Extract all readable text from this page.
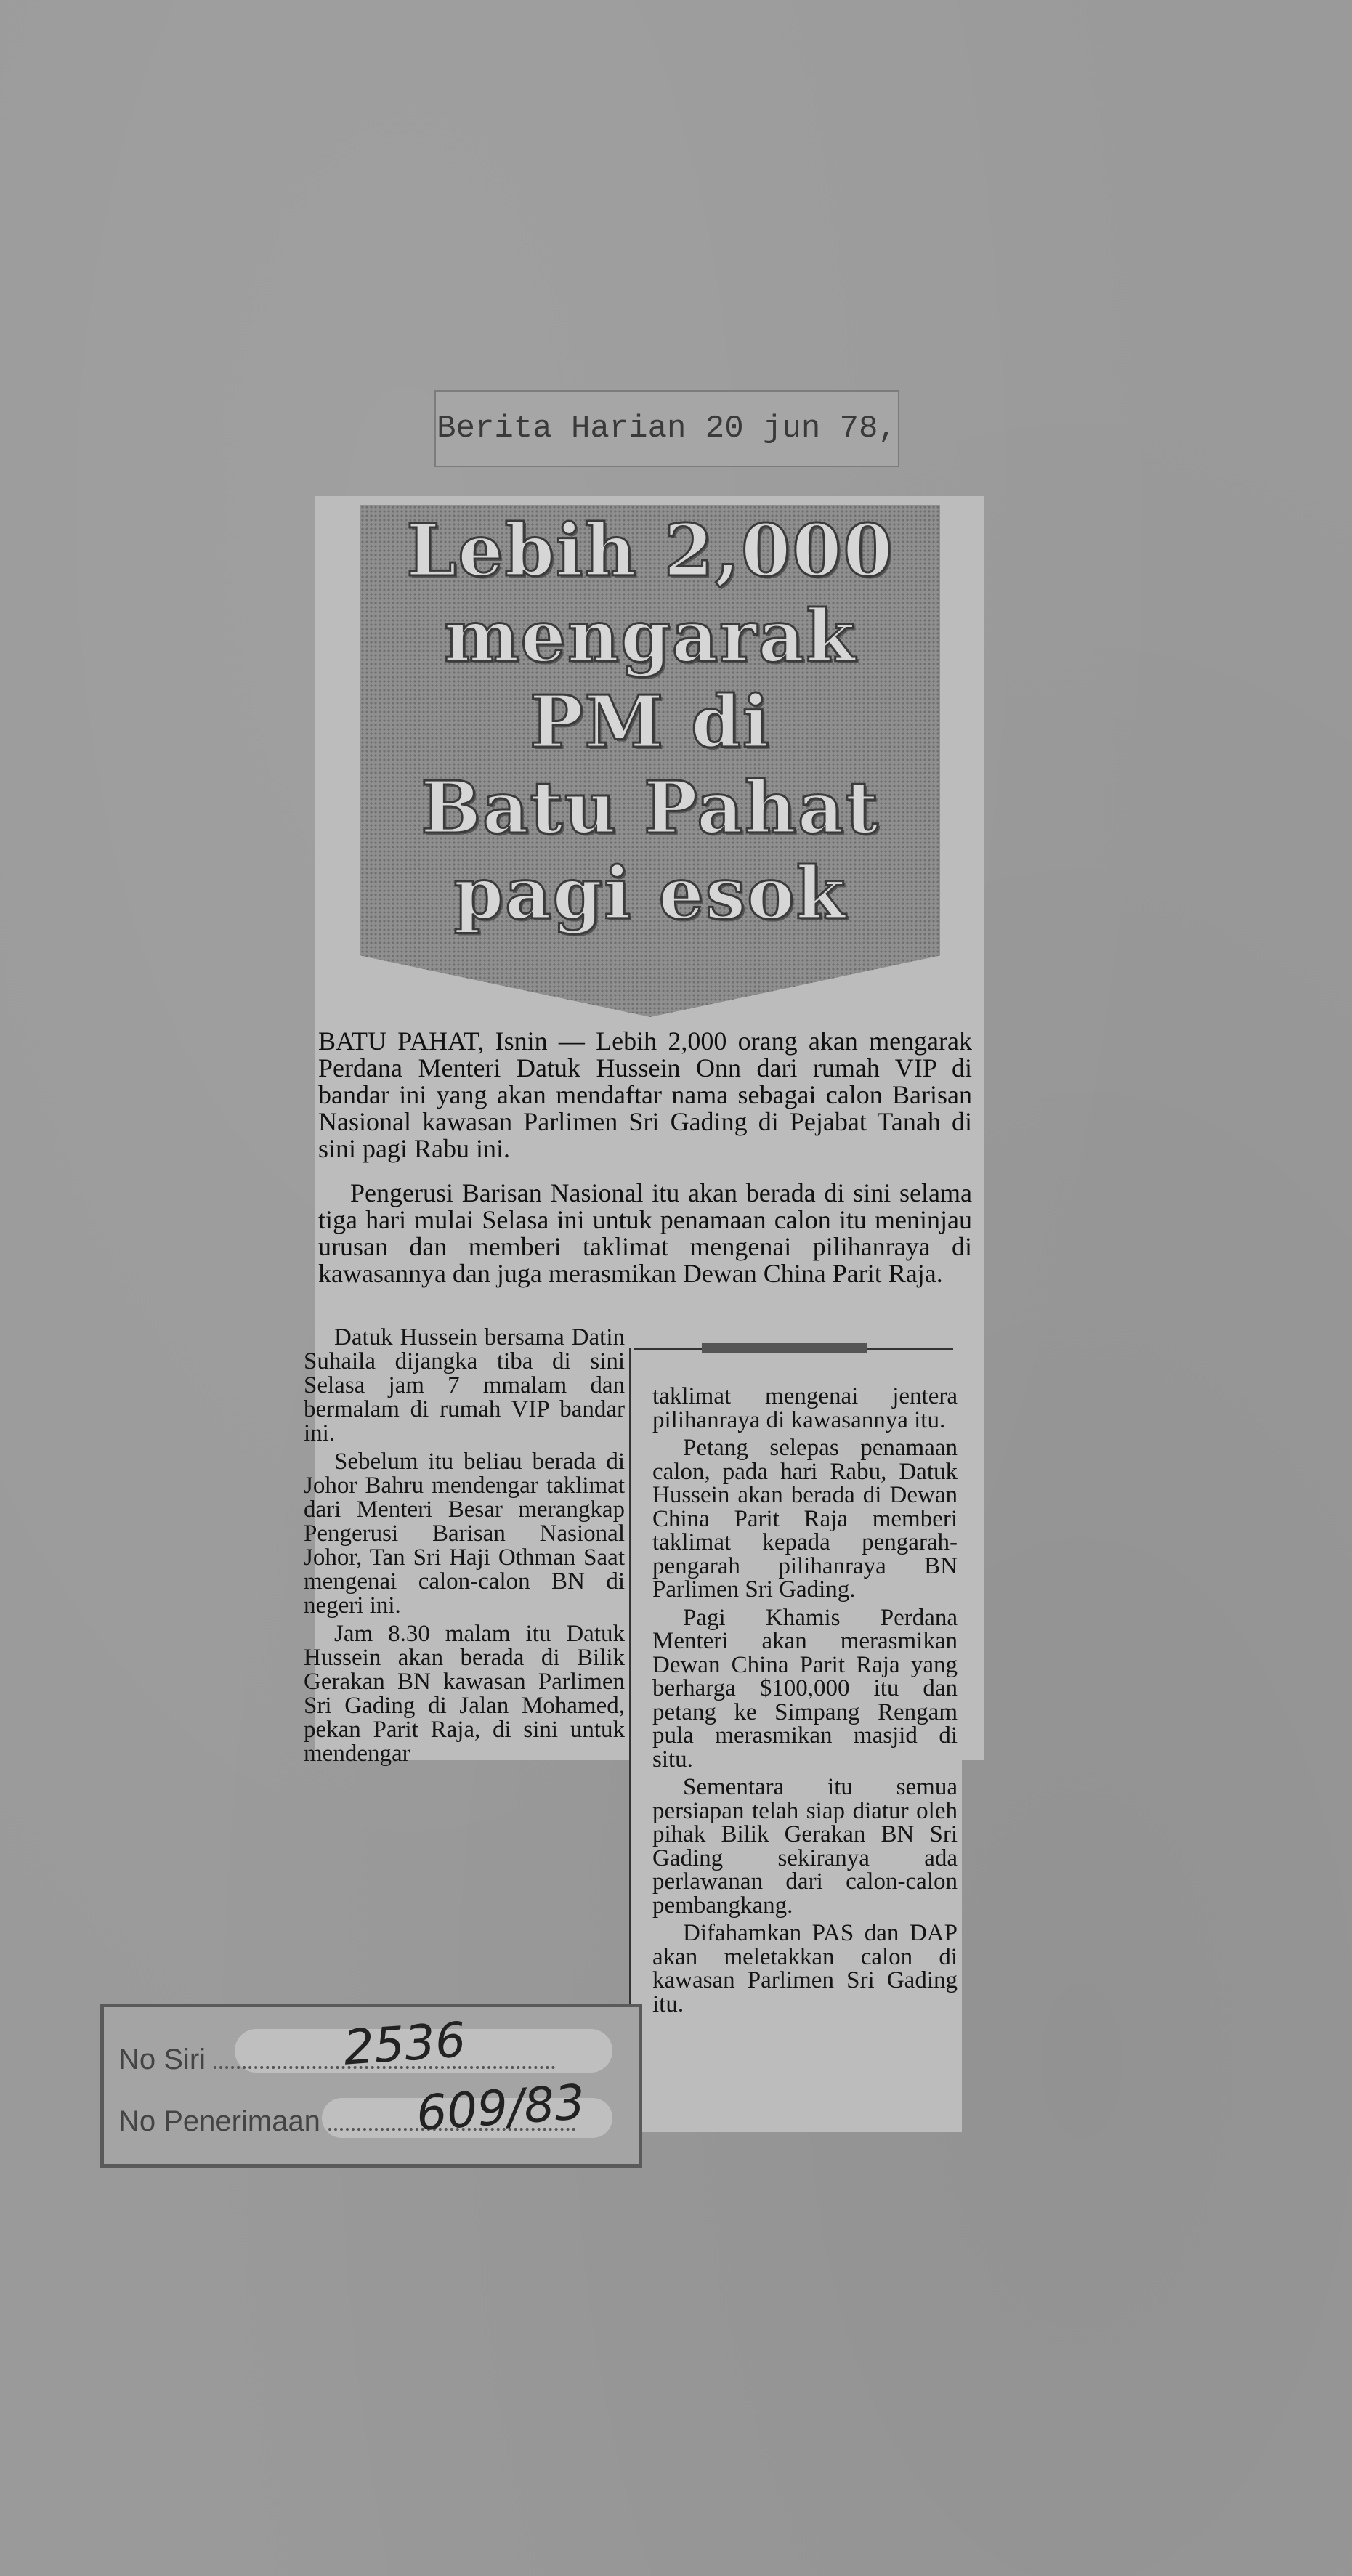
Berita Harian 20 jun 78,
Lebih 2,000
mengarak
PM di
Batu Pahat
pagi esok

BATU PAHAT, Isnin — Lebih 2,000 orang akan mengarak Perdana Menteri Datuk Hussein Onn dari rumah VIP di bandar ini yang akan mendaftar nama sebagai calon Barisan Nasional kawasan Parlimen Sri Gading di Pejabat Tanah di sini pagi Rabu ini.

Pengerusi Barisan Nasional itu akan berada di sini selama tiga hari mulai Selasa ini untuk penamaan calon itu meninjau urusan dan memberi taklimat mengenai pilihanraya di kawasannya dan juga merasmikan Dewan China Parit Raja.

Datuk Hussein bersama Datin Suhaila dijangka tiba di sini Selasa jam 7 mmalam dan bermalam di rumah VIP bandar ini.

Sebelum itu beliau berada di Johor Bahru mendengar taklimat dari Menteri Besar merangkap Pengerusi Barisan Nasional Johor, Tan Sri Haji Othman Saat mengenai calon-calon BN di negeri ini.

Jam 8.30 malam itu Datuk Hussein akan berada di Bilik Gerakan BN kawasan Parlimen Sri Gading di Jalan Mohamed, pekan Parit Raja, di sini untuk mendengar

taklimat mengenai jentera pilihanraya di kawasannya itu.

Petang selepas penamaan calon, pada hari Rabu, Datuk Hussein akan berada di Dewan China Parit Raja memberi taklimat kepada pengarah-pengarah pilihanraya BN Parlimen Sri Gading.

Pagi Khamis Perdana Menteri akan merasmikan Dewan China Parit Raja yang berharga $100,000 itu dan petang ke Simpang Rengam pula merasmikan masjid di situ.

Sementara itu semua persiapan telah siap diatur oleh pihak Bilik Gerakan BN Sri Gading sekiranya ada perlawanan dari calon-calon pembangkang.

Difahamkan PAS dan DAP akan meletakkan calon di kawasan Parlimen Sri Gading itu.

No Siri
No Penerimaan
2536
609/83
